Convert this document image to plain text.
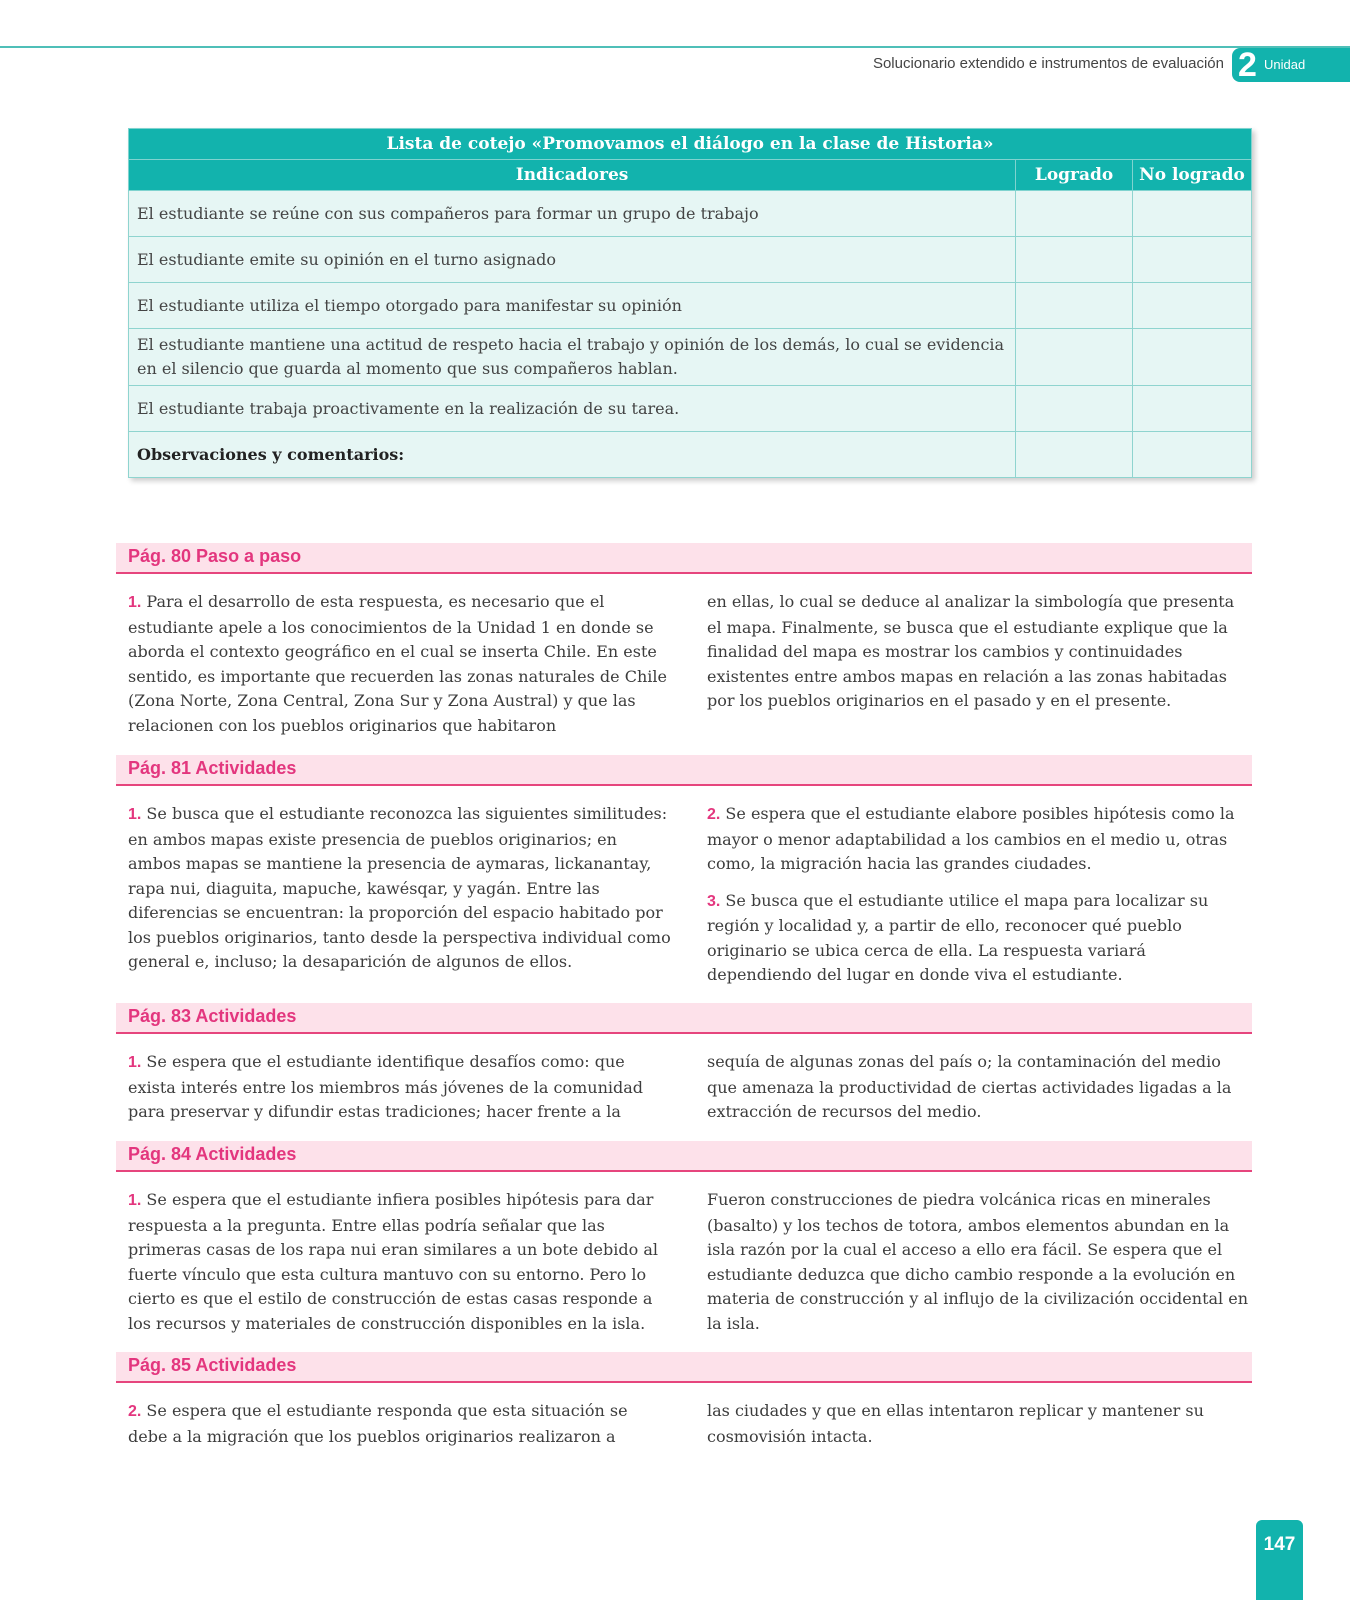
Solucionario extendido e instrumentos de evaluación 2 Unidad
Lista de cotejo «Promovamos el diálogo en la clase de Historia»		
Indicadores	Logrado	No logrado
El estudiante se reúne con sus compañeros para formar un grupo de trabajo		
El estudiante emite su opinión en el turno asignado		
El estudiante utiliza el tiempo otorgado para manifestar su opinión		
El estudiante mantiene una actitud de respeto hacia el trabajo y opinión de los demás, lo cual se evidencia en el silencio que guarda al momento que sus compañeros hablan.		
El estudiante trabaja proactivamente en la realización de su tarea.		
Observaciones y comentarios:		
Pág. 80 Paso a paso

1. Para el desarrollo de esta respuesta, es necesario que el estudiante apele a los conocimientos de la Unidad 1 en donde se aborda el contexto geográfico en el cual se inserta Chile. En este sentido, es importante que recuerden las zonas naturales de Chile (Zona Norte, Zona Central, Zona Sur y Zona Austral) y que las relacionen con los pueblos originarios que habitaron

en ellas, lo cual se deduce al analizar la simbología que presenta el mapa. Finalmente, se busca que el estudiante explique que la finalidad del mapa es mostrar los cambios y continuidades existentes entre ambos mapas en relación a las zonas habitadas por los pueblos originarios en el pasado y en el presente.

Pág. 81 Actividades

1. Se busca que el estudiante reconozca las siguientes similitudes: en ambos mapas existe presencia de pueblos originarios; en ambos mapas se mantiene la presencia de aymaras, lickanantay, rapa nui, diaguita, mapuche, kawésqar, y yagán. Entre las diferencias se encuentran: la proporción del espacio habitado por los pueblos originarios, tanto desde la perspectiva individual como general e, incluso; la desaparición de algunos de ellos.

2. Se espera que el estudiante elabore posibles hipótesis como la mayor o menor adaptabilidad a los cambios en el medio u, otras como, la migración hacia las grandes ciudades.

3. Se busca que el estudiante utilice el mapa para localizar su región y localidad y, a partir de ello, reconocer qué pueblo originario se ubica cerca de ella. La respuesta variará dependiendo del lugar en donde viva el estudiante.

Pág. 83 Actividades

1. Se espera que el estudiante identifique desafíos como: que exista interés entre los miembros más jóvenes de la comunidad para preservar y difundir estas tradiciones; hacer frente a la

sequía de algunas zonas del país o; la contaminación del medio que amenaza la productividad de ciertas actividades ligadas a la extracción de recursos del medio.

Pág. 84 Actividades

1. Se espera que el estudiante infiera posibles hipótesis para dar respuesta a la pregunta. Entre ellas podría señalar que las primeras casas de los rapa nui eran similares a un bote debido al fuerte vínculo que esta cultura mantuvo con su entorno. Pero lo cierto es que el estilo de construcción de estas casas responde a los recursos y materiales de construcción disponibles en la isla.

Fueron construcciones de piedra volcánica ricas en minerales (basalto) y los techos de totora, ambos elementos abundan en la isla razón por la cual el acceso a ello era fácil. Se espera que el estudiante deduzca que dicho cambio responde a la evolución en materia de construcción y al influjo de la civilización occidental en la isla.

Pág. 85 Actividades

2. Se espera que el estudiante responda que esta situación se debe a la migración que los pueblos originarios realizaron a

las ciudades y que en ellas intentaron replicar y mantener su cosmovisión intacta.

147
